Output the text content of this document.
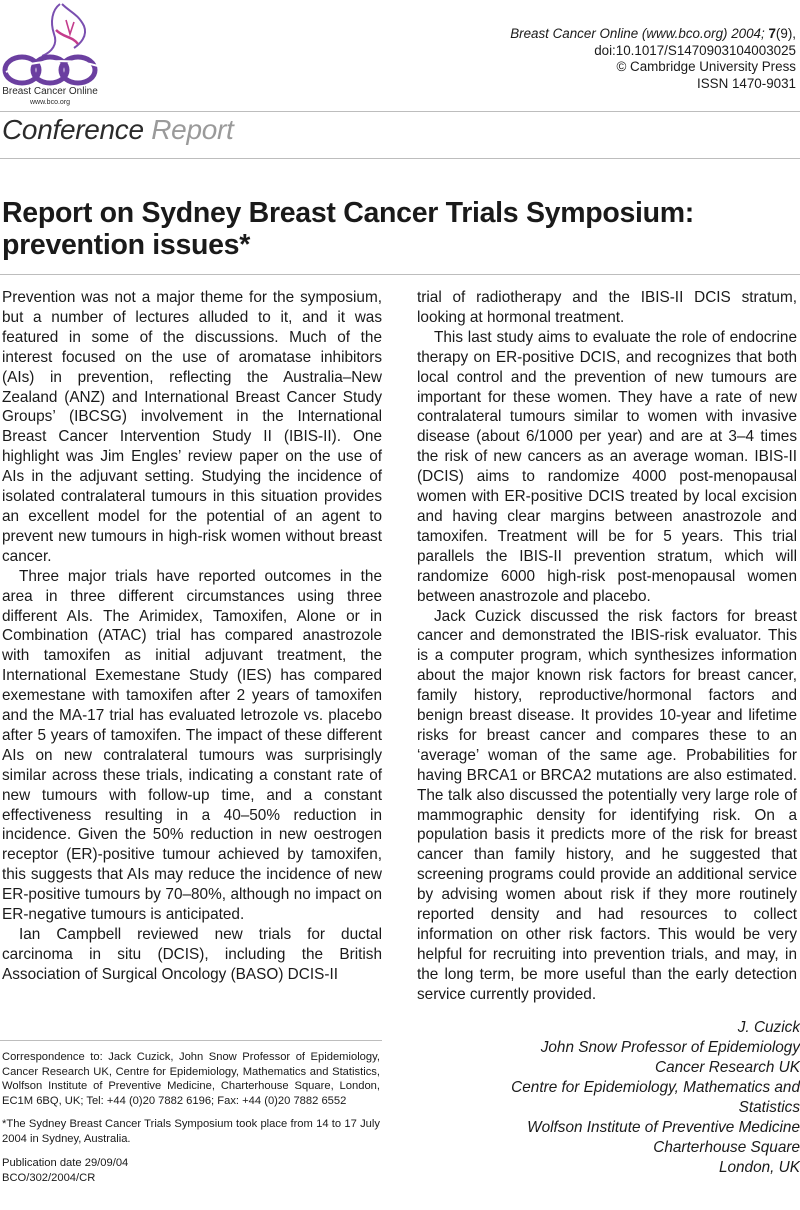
Breast Cancer Online
www.bco.org
Breast Cancer Online (www.bco.org) 2004; 7(9),
doi:10.1017/S1470903104003025
© Cambridge University Press
ISSN 1470-9031
Conference Report
Report on Sydney Breast Cancer Trials Symposium:
prevention issues*

Prevention was not a major theme for the symposium, but a number of lectures alluded to it, and it was featured in some of the discussions. Much of the interest focused on the use of aromatase inhibitors (AIs) in prevention, reflecting the Australia–New Zealand (ANZ) and International Breast Cancer Study Groups’ (IBCSG) involvement in the International Breast Cancer Intervention Study II (IBIS-II). One highlight was Jim Engles’ review paper on the use of AIs in the adjuvant setting. Studying the incidence of isolated contralateral tumours in this situation provides an excellent model for the potential of an agent to prevent new tumours in high-risk women without breast cancer.

Three major trials have reported outcomes in the area in three different circumstances using three different AIs. The Arimidex, Tamoxifen, Alone or in Combination (ATAC) trial has compared anastrozole with tamoxifen as initial adjuvant treatment, the International Exemestane Study (IES) has compared exemestane with tamoxifen after 2 years of tamoxifen and the MA-17 trial has evaluated letrozole vs. placebo after 5 years of tamoxifen. The impact of these different AIs on new contralateral tumours was surprisingly similar across these trials, indicating a constant rate of new tumours with follow-up time, and a constant effectiveness resulting in a 40–50% reduction in incidence. Given the 50% reduction in new oestrogen receptor (ER)-positive tumour achieved by tamoxifen, this suggests that AIs may reduce the incidence of new ER-positive tumours by 70–80%, although no impact on ER-negative tumours is anticipated.

Ian Campbell reviewed new trials for ductal carcinoma in situ (DCIS), including the British Association of Surgical Oncology (BASO) DCIS-II

trial of radiotherapy and the IBIS-II DCIS stratum, looking at hormonal treatment.

This last study aims to evaluate the role of endocrine therapy on ER-positive DCIS, and recognizes that both local control and the prevention of new tumours are important for these women. They have a rate of new contralateral tumours similar to women with invasive disease (about 6/1000 per year) and are at 3–4 times the risk of new cancers as an average woman. IBIS-II (DCIS) aims to randomize 4000 post-menopausal women with ER-positive DCIS treated by local excision and having clear margins between anastrozole and tamoxifen. Treatment will be for 5 years. This trial parallels the IBIS-II prevention stratum, which will randomize 6000 high-risk post-menopausal women between anastrozole and placebo.

Jack Cuzick discussed the risk factors for breast cancer and demonstrated the IBIS-risk evaluator. This is a computer program, which synthesizes information about the major known risk factors for breast cancer, family history, reproductive/hormonal factors and benign breast disease. It provides 10-year and lifetime risks for breast cancer and compares these to an ‘average’ woman of the same age. Probabilities for having BRCA1 or BRCA2 mutations are also estimated. The talk also discussed the potentially very large role of mammographic density for identifying risk. On a population basis it predicts more of the risk for breast cancer than family history, and he suggested that screening programs could provide an additional service by advising women about risk if they more routinely reported density and had resources to collect information on other risk factors. This would be very helpful for recruiting into prevention trials, and may, in the long term, be more useful than the early detection service currently provided.

Correspondence to: Jack Cuzick, John Snow Professor of Epidemiology, Cancer Research UK, Centre for Epidemiology, Mathematics and Statistics, Wolfson Institute of Preventive Medicine, Charterhouse Square, London, EC1M 6BQ, UK; Tel: +44 (0)20 7882 6196; Fax: +44 (0)20 7882 6552

*The Sydney Breast Cancer Trials Symposium took place from 14 to 17 July 2004 in Sydney, Australia.

Publication date 29/09/04

BCO/302/2004/CR

J. Cuzick
John Snow Professor of Epidemiology
Cancer Research UK
Centre for Epidemiology, Mathematics and
Statistics
Wolfson Institute of Preventive Medicine
Charterhouse Square
London, UK
